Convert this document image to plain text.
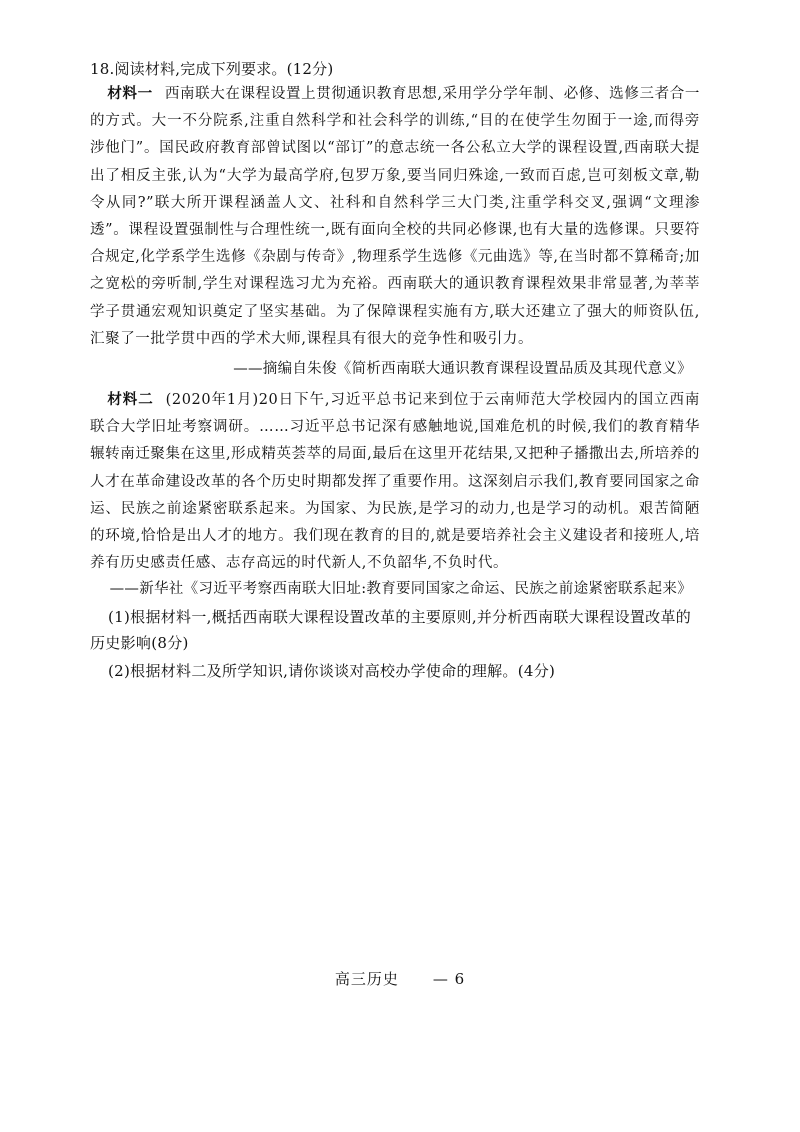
18.阅读材料,完成下列要求。(12分)
材料一 西南联大在课程设置上贯彻通识教育思想,采用学分学年制、必修、选修三者合一的方式。大一不分院系,注重自然科学和社会科学的训练,“目的在使学生勿囿于一途,而得旁涉他门”。国民政府教育部曾试图以“部订”的意志统一各公私立大学的课程设置,西南联大提出了相反主张,认为“大学为最高学府,包罗万象,要当同归殊途,一致而百虑,岂可刻板文章,勒令从同?”联大所开课程涵盖人文、社科和自然科学三大门类,注重学科交叉,强调“文理渗透”。课程设置强制性与合理性统一,既有面向全校的共同必修课,也有大量的选修课。只要符合规定,化学系学生选修《杂剧与传奇》,物理系学生选修《元曲选》等,在当时都不算稀奇;加之宽松的旁听制,学生对课程选习尤为充裕。西南联大的通识教育课程效果非常显著,为莘莘学子贯通宏观知识奠定了坚实基础。为了保障课程实施有方,联大还建立了强大的师资队伍,汇聚了一批学贯中西的学术大师,课程具有很大的竞争性和吸引力。
——摘编自朱俊《简析西南联大通识教育课程设置品质及其现代意义》
材料二 (2020年1月)20日下午,习近平总书记来到位于云南师范大学校园内的国立西南联合大学旧址考察调研。……习近平总书记深有感触地说,国难危机的时候,我们的教育精华辗转南迁聚集在这里,形成精英荟萃的局面,最后在这里开花结果,又把种子播撒出去,所培养的人才在革命建设改革的各个历史时期都发挥了重要作用。这深刻启示我们,教育要同国家之命运、民族之前途紧密联系起来。为国家、为民族,是学习的动力,也是学习的动机。艰苦简陋的环境,恰恰是出人才的地方。我们现在教育的目的,就是要培养社会主义建设者和接班人,培养有历史感责任感、志存高远的时代新人,不负韶华,不负时代。
——新华社《习近平考察西南联大旧址:教育要同国家之命运、民族之前途紧密联系起来》
(1)根据材料一,概括西南联大课程设置改革的主要原则,并分析西南联大课程设置改革的历史影响(8分)
(2)根据材料二及所学知识,请你谈谈对高校办学使命的理解。(4分)
高三历史 — 6
